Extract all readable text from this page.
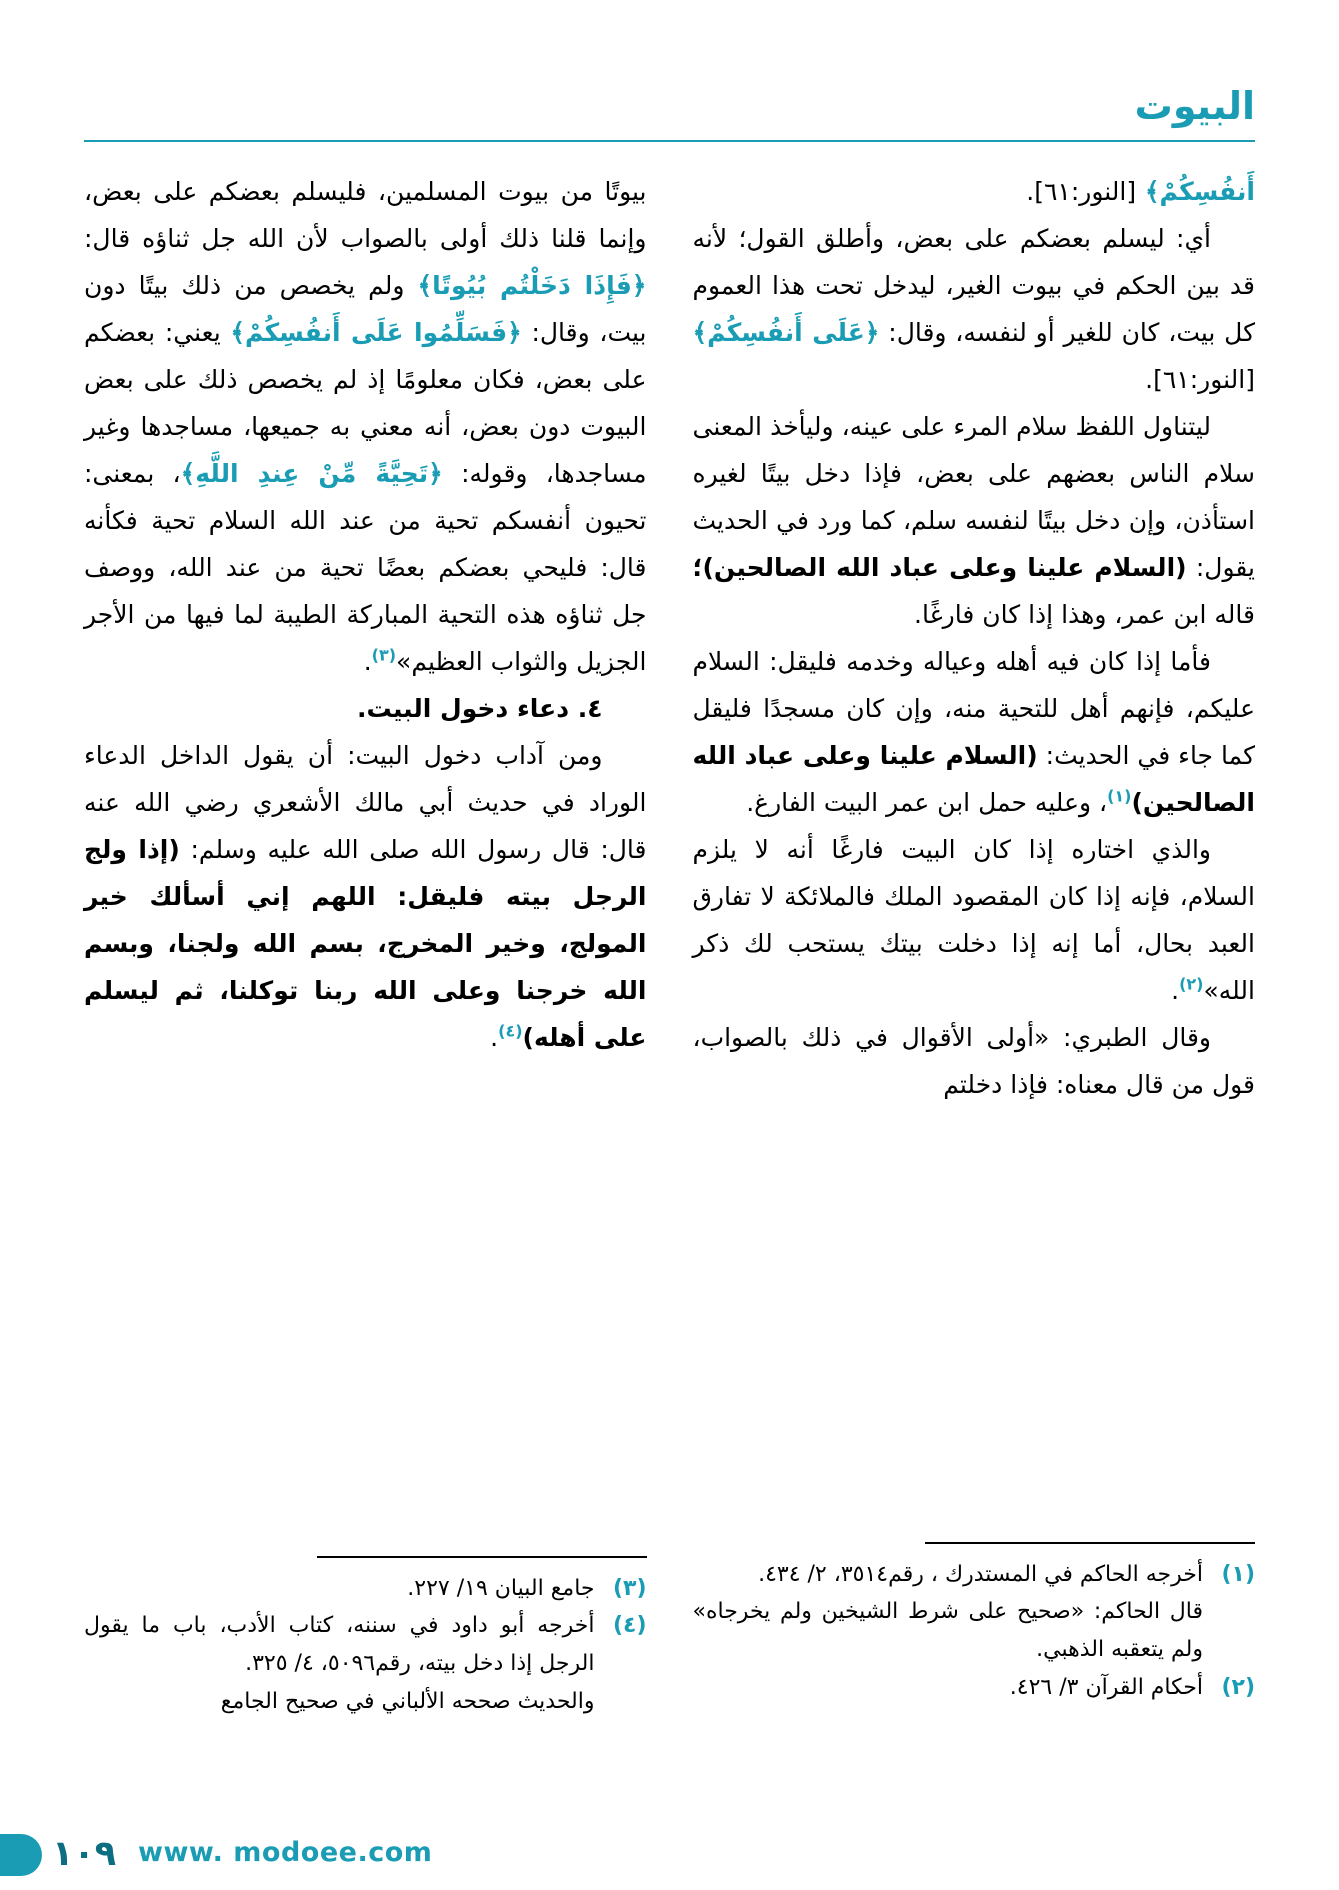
البيوت

أَنفُسِكُمْ﴾ [النور:٦١].

أي: ليسلم بعضكم على بعض، وأطلق القول؛ لأنه قد بين الحكم في بيوت الغير، ليدخل تحت هذا العموم كل بيت، كان للغير أو لنفسه، وقال: ﴿عَلَى أَنفُسِكُمْ﴾ [النور:٦١].

ليتناول اللفظ سلام المرء على عينه، وليأخذ المعنى سلام الناس بعضهم على بعض، فإذا دخل بيتًا لغيره استأذن، وإن دخل بيتًا لنفسه سلم، كما ورد في الحديث يقول: (السلام علينا وعلى عباد الله الصالحين)؛ قاله ابن عمر، وهذا إذا كان فارغًا.

فأما إذا كان فيه أهله وعياله وخدمه فليقل: السلام عليكم، فإنهم أهل للتحية منه، وإن كان مسجدًا فليقل كما جاء في الحديث: (السلام علينا وعلى عباد الله الصالحين)$^{(١)}$، وعليه حمل ابن عمر البيت الفارغ.

والذي اختاره إذا كان البيت فارغًا أنه لا يلزم السلام، فإنه إذا كان المقصود الملك فالملائكة لا تفارق العبد بحال، أما إنه إذا دخلت بيتك يستحب لك ذكر الله»$^{(٢)}$.

وقال الطبري: «أولى الأقوال في ذلك بالصواب، قول من قال معناه: فإذا دخلتم

بيوتًا من بيوت المسلمين، فليسلم بعضكم على بعض، وإنما قلنا ذلك أولى بالصواب لأن الله جل ثناؤه قال: ﴿فَإِذَا دَخَلْتُم بُيُوتًا﴾ ولم يخصص من ذلك بيتًا دون بيت، وقال: ﴿فَسَلِّمُوا عَلَى أَنفُسِكُمْ﴾ يعني: بعضكم على بعض، فكان معلومًا إذ لم يخصص ذلك على بعض البيوت دون بعض، أنه معني به جميعها، مساجدها وغير مساجدها، وقوله: ﴿تَحِيَّةً مِّنْ عِندِ اللَّهِ﴾، بمعنى: تحيون أنفسكم تحية من عند الله السلام تحية فكأنه قال: فليحي بعضكم بعضًا تحية من عند الله، ووصف جل ثناؤه هذه التحية المباركة الطيبة لما فيها من الأجر الجزيل والثواب العظيم»$^{(٣)}$.

٤. دعاء دخول البيت.

ومن آداب دخول البيت: أن يقول الداخل الدعاء الوراد في حديث أبي مالك الأشعري رضي الله عنه قال: قال رسول الله صلى الله عليه وسلم: (إذا ولج الرجل بيته فليقل: اللهم إني أسألك خير المولج، وخير المخرج، بسم الله ولجنا، وبسم الله خرجنا وعلى الله ربنا توكلنا، ثم ليسلم على أهله)$^{(٤)}$.

(١)
أخرجه الحاكم في المستدرك ، رقم٣٥١٤، ٢/ ٤٣٤.
قال الحاكم: «صحيح على شرط الشيخين ولم يخرجاه» ولم يتعقبه الذهبي.
(٢)
أحكام القرآن ٣/ ٤٢٦.
(٣)
جامع البيان ١٩/ ٢٢٧.
(٤)
أخرجه أبو داود في سننه، كتاب الأدب، باب ما يقول الرجل إذا دخل بيته، رقم٥٠٩٦، ٤/ ٣٢٥.
والحديث صححه الألباني في صحيح الجامع
١٠٩ www. modoee.com
